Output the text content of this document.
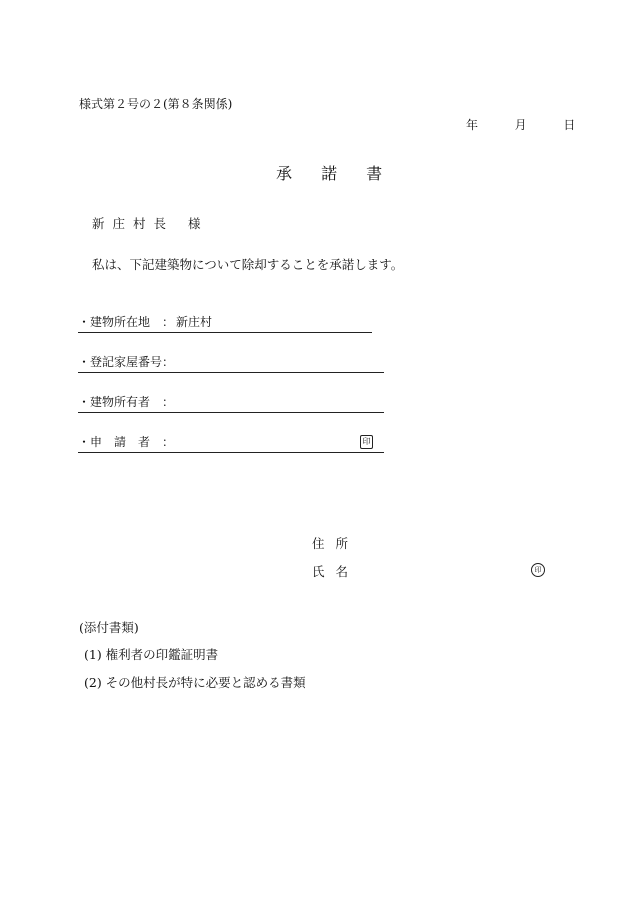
様式第２号の２(第８条関係)
年	月	日
承 諾 書
新庄村長 様
私は、下記建築物について除却することを承諾します。
・建物所在地　： 新庄村
・登記家屋番号：
・建物所有者　：
・申　請　者　：	印
住所
氏名	印
(添付書類)
(1) 権利者の印鑑証明書
(2) その他村長が特に必要と認める書類
